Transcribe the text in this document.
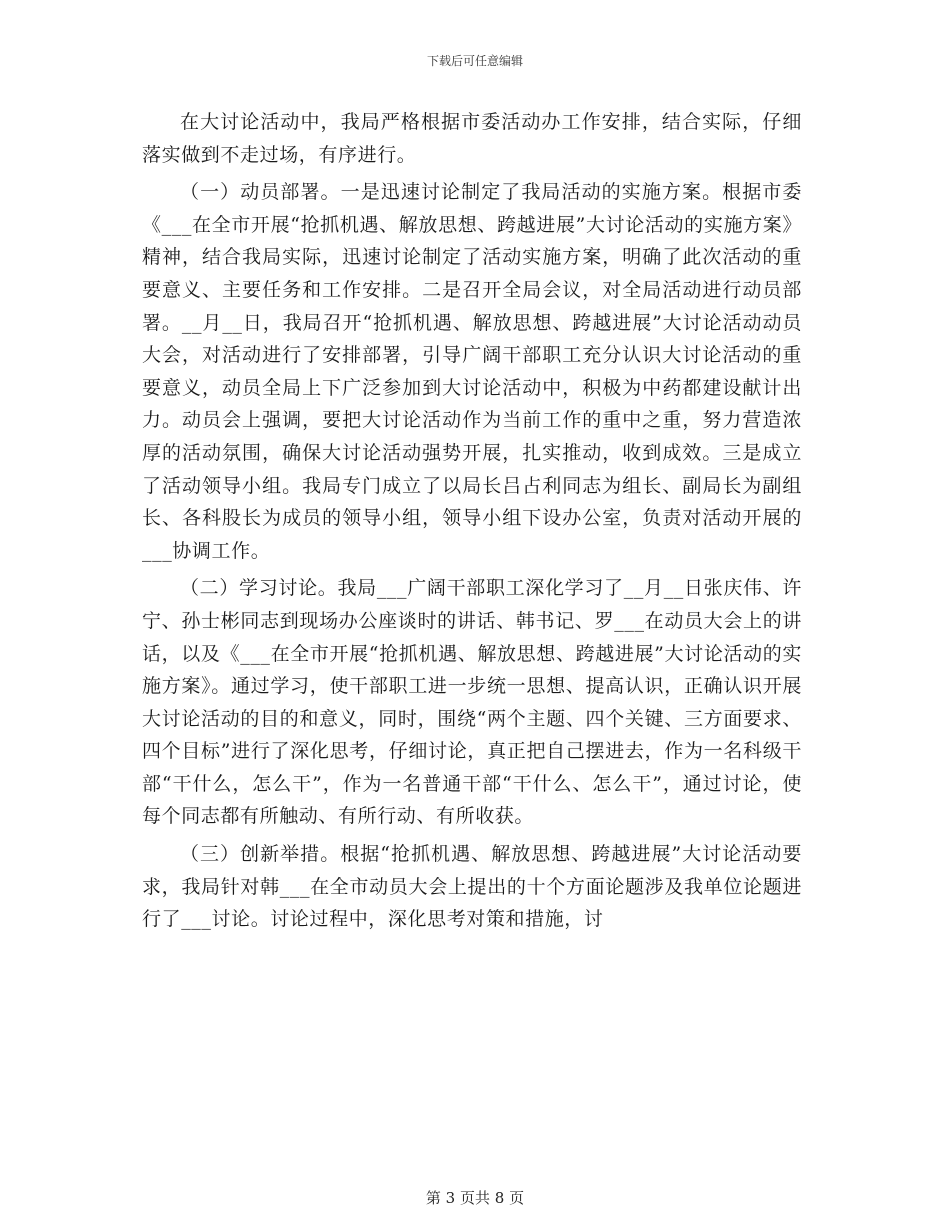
下载后可任意编辑

在大讨论活动中，我局严格根据市委活动办工作安排，结合实际，仔细落实做到不走过场，有序进行。

（一）动员部署。一是迅速讨论制定了我局活动的实施方案。根据市委《___在全市开展“抢抓机遇、解放思想、跨越进展”大讨论活动的实施方案》精神，结合我局实际，迅速讨论制定了活动实施方案，明确了此次活动的重要意义、主要任务和工作安排。二是召开全局会议，对全局活动进行动员部署。__月__日，我局召开“抢抓机遇、解放思想、跨越进展”大讨论活动动员大会，对活动进行了安排部署，引导广阔干部职工充分认识大讨论活动的重要意义，动员全局上下广泛参加到大讨论活动中，积极为中药都建设献计出力。动员会上强调，要把大讨论活动作为当前工作的重中之重，努力营造浓厚的活动氛围，确保大讨论活动强势开展，扎实推动，收到成效。三是成立了活动领导小组。我局专门成立了以局长吕占利同志为组长、副局长为副组长、各科股长为成员的领导小组，领导小组下设办公室，负责对活动开展的___协调工作。

（二）学习讨论。我局___广阔干部职工深化学习了__月__日张庆伟、许宁、孙士彬同志到现场办公座谈时的讲话、韩书记、罗___在动员大会上的讲话，以及《___在全市开展“抢抓机遇、解放思想、跨越进展”大讨论活动的实施方案》。通过学习，使干部职工进一步统一思想、提高认识，正确认识开展大讨论活动的目的和意义，同时，围绕“两个主题、四个关键、三方面要求、四个目标”进行了深化思考，仔细讨论，真正把自己摆进去，作为一名科级干部“干什么，怎么干”，作为一名普通干部“干什么、怎么干”，通过讨论，使每个同志都有所触动、有所行动、有所收获。

（三）创新举措。根据“抢抓机遇、解放思想、跨越进展”大讨论活动要求，我局针对韩___在全市动员大会上提出的十个方面论题涉及我单位论题进行了___讨论。讨论过程中，深化思考对策和措施，讨

第 3 页共 8 页
